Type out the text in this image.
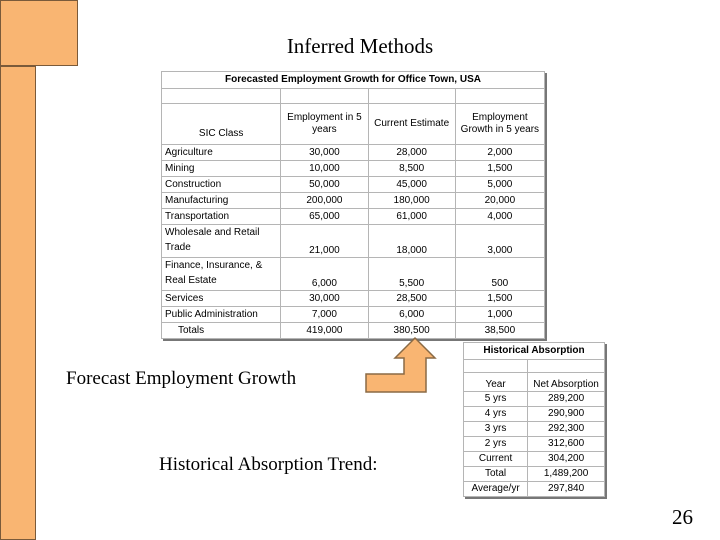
Inferred Methods
Forecasted Employment Growth for Office Town, USA			

SIC Class	Employment in 5 years	Current Estimate	Employment Growth in 5 years
Agriculture	30,000	28,000	2,000
Mining	10,000	8,500	1,500
Construction	50,000	45,000	5,000
Manufacturing	200,000	180,000	20,000
Transportation	65,000	61,000	4,000
Wholesale and Retail Trade	21,000	18,000	3,000
Finance, Insurance, & Real Estate	6,000	5,500	500
Services	30,000	28,500	1,500
Public Administration	7,000	6,000	1,000
Totals	419,000	380,500	38,500
Forecast Employment Growth
Historical Absorption	

Year	Net Absorption
5 yrs	289,200
4 yrs	290,900
3 yrs	292,300
2 yrs	312,600
Current	304,200
Total	1,489,200
Average/yr	297,840
Historical Absorption Trend:
26
